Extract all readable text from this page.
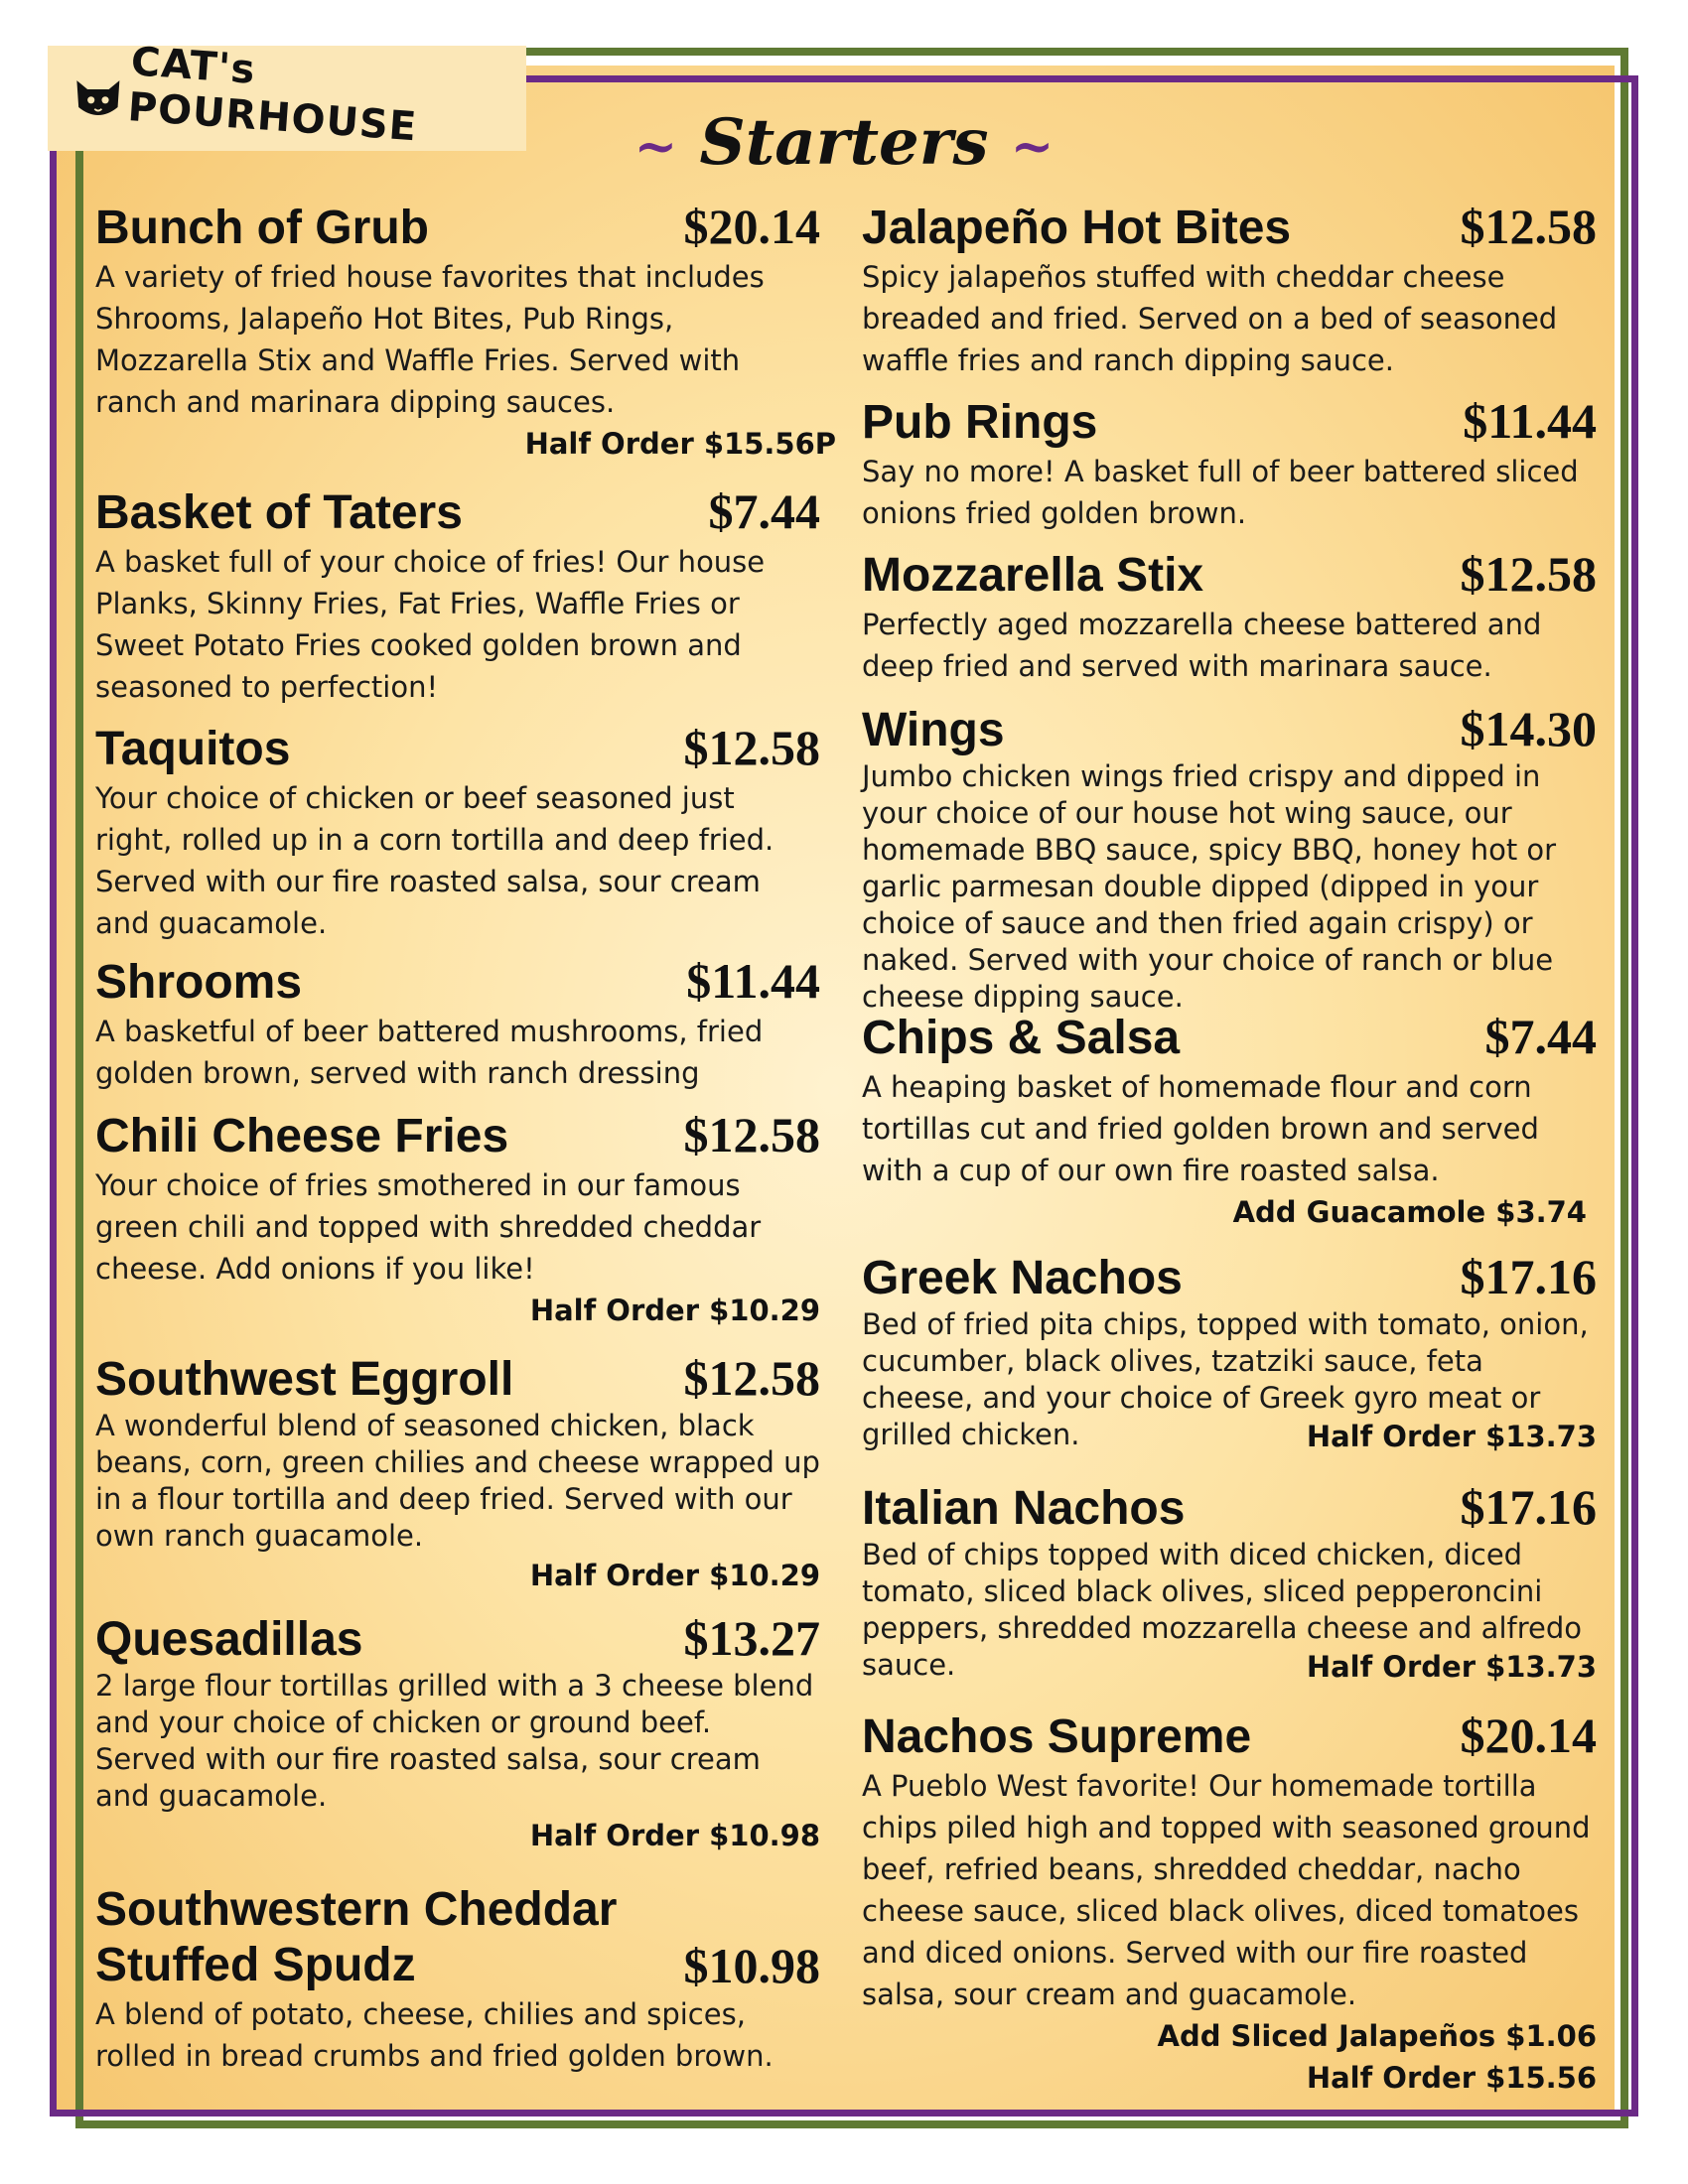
CAT's POURHOUSE	~ Starters ~
Bunch of Grub	$20.14
A variety of fried house favorites that includes Shrooms, Jalapeño Hot Bites, Pub Rings, Mozzarella Stix and Waffle Fries. Served with ranch and marinara dipping sauces.
Half Order $15.56P
Basket of Taters	$7.44
A basket full of your choice of fries! Our house Planks, Skinny Fries, Fat Fries, Waffle Fries or Sweet Potato Fries cooked golden brown and seasoned to perfection!
Taquitos	$12.58
Your choice of chicken or beef seasoned just right, rolled up in a corn tortilla and deep fried. Served with our fire roasted salsa, sour cream and guacamole.
Shrooms	$11.44
A basketful of beer battered mushrooms, fried golden brown, served with ranch dressing
Chili Cheese Fries	$12.58
Your choice of fries smothered in our famous green chili and topped with shredded cheddar cheese. Add onions if you like!
Half Order $10.29
Southwest Eggroll	$12.58
A wonderful blend of seasoned chicken, black beans, corn, green chilies and cheese wrapped up in a flour tortilla and deep fried. Served with our own ranch guacamole.
Half Order $10.29
Quesadillas	$13.27
2 large flour tortillas grilled with a 3 cheese blend and your choice of chicken or ground beef. Served with our fire roasted salsa, sour cream and guacamole.
Half Order $10.98
Southwestern Cheddar
Stuffed Spudz	$10.98
A blend of potato, cheese, chilies and spices, rolled in bread crumbs and fried golden brown.
Jalapeño Hot Bites	$12.58
Spicy jalapeños stuffed with cheddar cheese breaded and fried. Served on a bed of seasoned waffle fries and ranch dipping sauce.
Pub Rings	$11.44
Say no more! A basket full of beer battered sliced onions fried golden brown.
Mozzarella Stix	$12.58
Perfectly aged mozzarella cheese battered and deep fried and served with marinara sauce.
Wings	$14.30
Jumbo chicken wings fried crispy and dipped in your choice of our house hot wing sauce, our homemade BBQ sauce, spicy BBQ, honey hot or garlic parmesan double dipped (dipped in your choice of sauce and then fried again crispy) or naked. Served with your choice of ranch or blue cheese dipping sauce.
Chips & Salsa	$7.44
A heaping basket of homemade flour and corn tortillas cut and fried golden brown and served with a cup of our own fire roasted salsa.
Add Guacamole $3.74
Greek Nachos	$17.16
Bed of fried pita chips, topped with tomato, onion, cucumber, black olives, tzatziki sauce, feta cheese, and your choice of Greek gyro meat or grilled chicken.	Half Order $13.73
Italian Nachos	$17.16
Bed of chips topped with diced chicken, diced tomato, sliced black olives, sliced pepperoncini peppers, shredded mozzarella cheese and alfredo sauce.	Half Order $13.73
Nachos Supreme	$20.14
A Pueblo West favorite! Our homemade tortilla chips piled high and topped with seasoned ground beef, refried beans, shredded cheddar, nacho cheese sauce, sliced black olives, diced tomatoes and diced onions. Served with our fire roasted salsa, sour cream and guacamole.
Add Sliced Jalapeños $1.06
Half Order $15.56
